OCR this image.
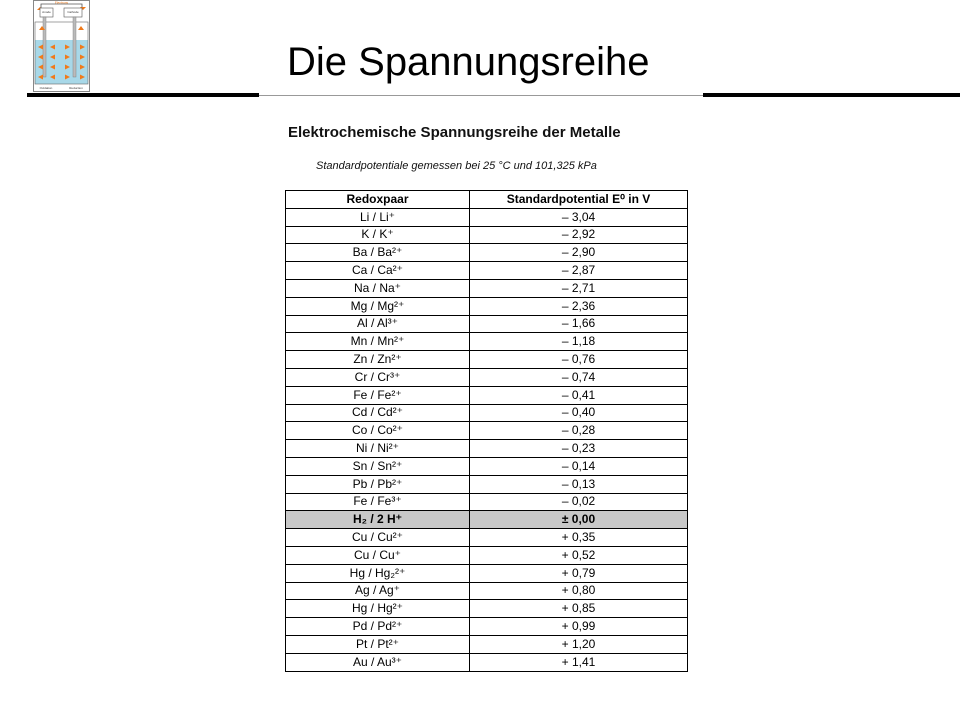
Electrons
Anode	Cathode
Oxidation	Reduction
Die Spannungsreihe
Elektrochemische Spannungsreihe der Metalle
Standardpotentiale gemessen bei 25 °C und 101,325 kPa
Redoxpaar	Standardpotential E⁰ in V
Li / Li⁺	– 3,04
K / K⁺	– 2,92
Ba / Ba²⁺	– 2,90
Ca / Ca²⁺	– 2,87
Na / Na⁺	– 2,71
Mg / Mg²⁺	– 2,36
Al / Al³⁺	– 1,66
Mn / Mn²⁺	– 1,18
Zn / Zn²⁺	– 0,76
Cr / Cr³⁺	– 0,74
Fe / Fe²⁺	– 0,41
Cd / Cd²⁺	– 0,40
Co / Co²⁺	– 0,28
Ni / Ni²⁺	– 0,23
Sn / Sn²⁺	– 0,14
Pb / Pb²⁺	– 0,13
Fe / Fe³⁺	– 0,02
H₂ / 2 H⁺	± 0,00
Cu / Cu²⁺	+ 0,35
Cu / Cu⁺	+ 0,52
Hg / Hg₂²⁺	+ 0,79
Ag / Ag⁺	+ 0,80
Hg / Hg²⁺	+ 0,85
Pd / Pd²⁺	+ 0,99
Pt / Pt²⁺	+ 1,20
Au / Au³⁺	+ 1,41
